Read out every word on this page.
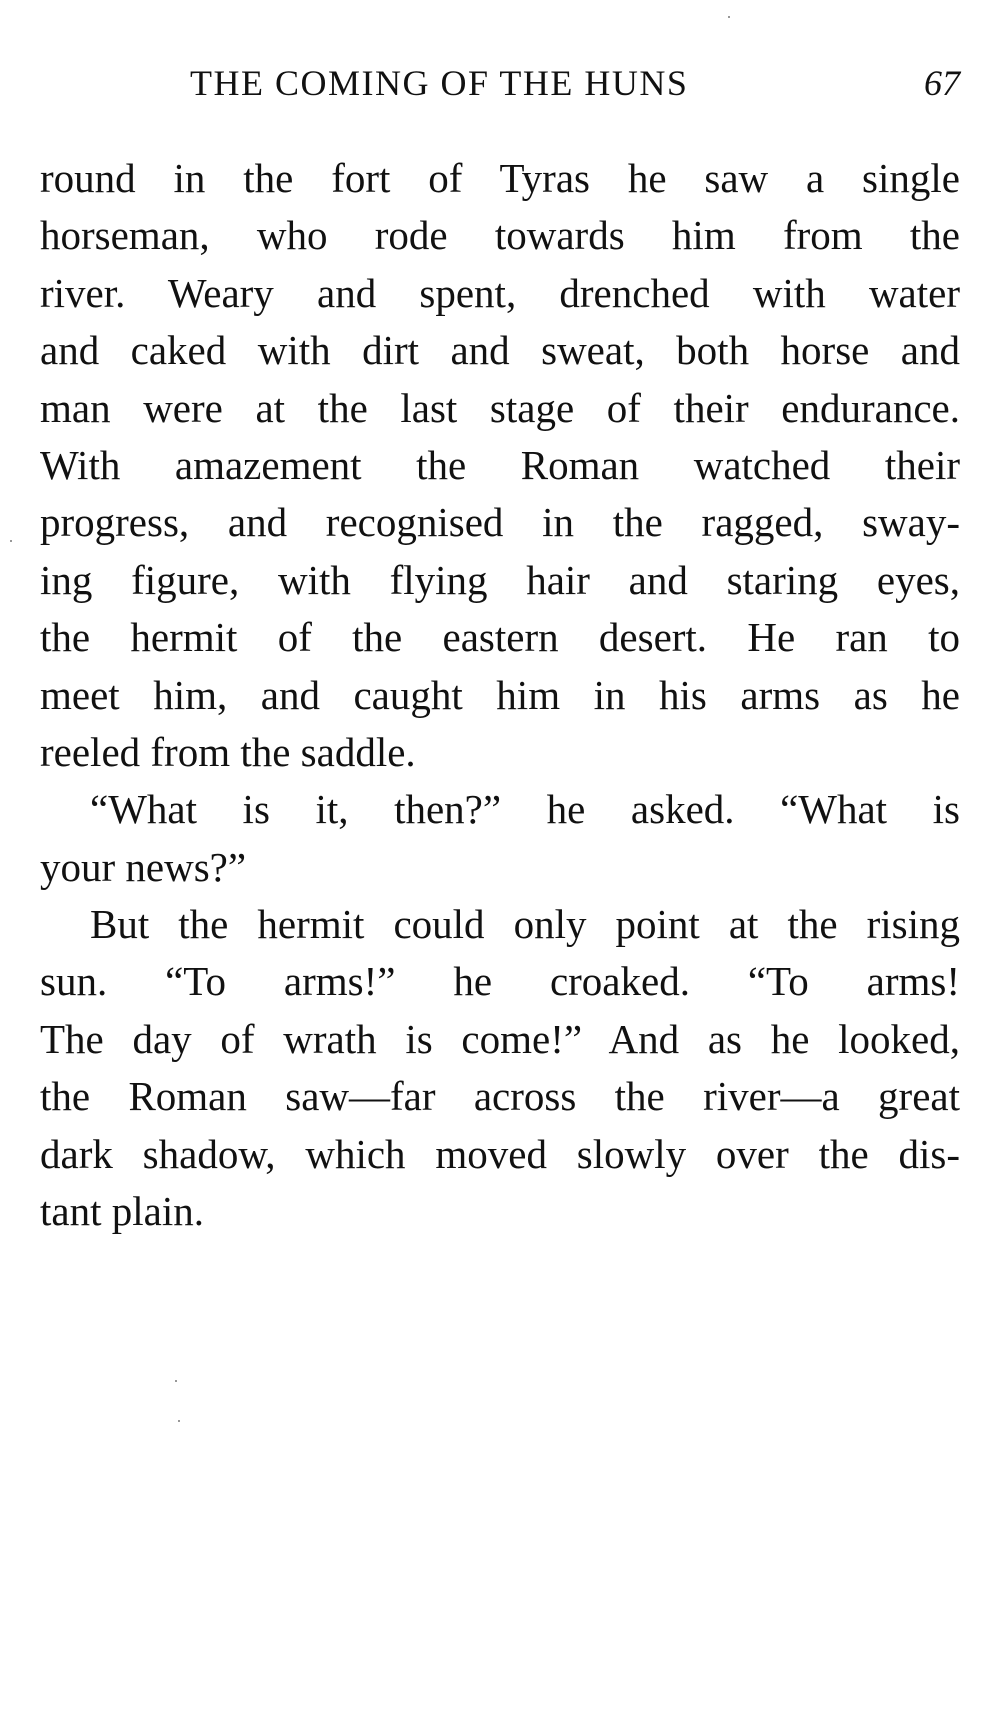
THE COMING OF THE HUNS	67
round in the fort of Tyras he saw a single
horseman, who rode towards him from the
river. Weary and spent, drenched with water
and caked with dirt and sweat, both horse and
man were at the last stage of their endurance.
With amazement the Roman watched their
progress, and recognised in the ragged, sway-
ing figure, with flying hair and staring eyes,
the hermit of the eastern desert. He ran to
meet him, and caught him in his arms as he
reeled from the saddle.
“What is it, then?” he asked. “What is
your news?”
But the hermit could only point at the rising
sun. “To arms!” he croaked. “To arms!
The day of wrath is come!” And as he looked,
the Roman saw—far across the river—a great
dark shadow, which moved slowly over the dis-
tant plain.
